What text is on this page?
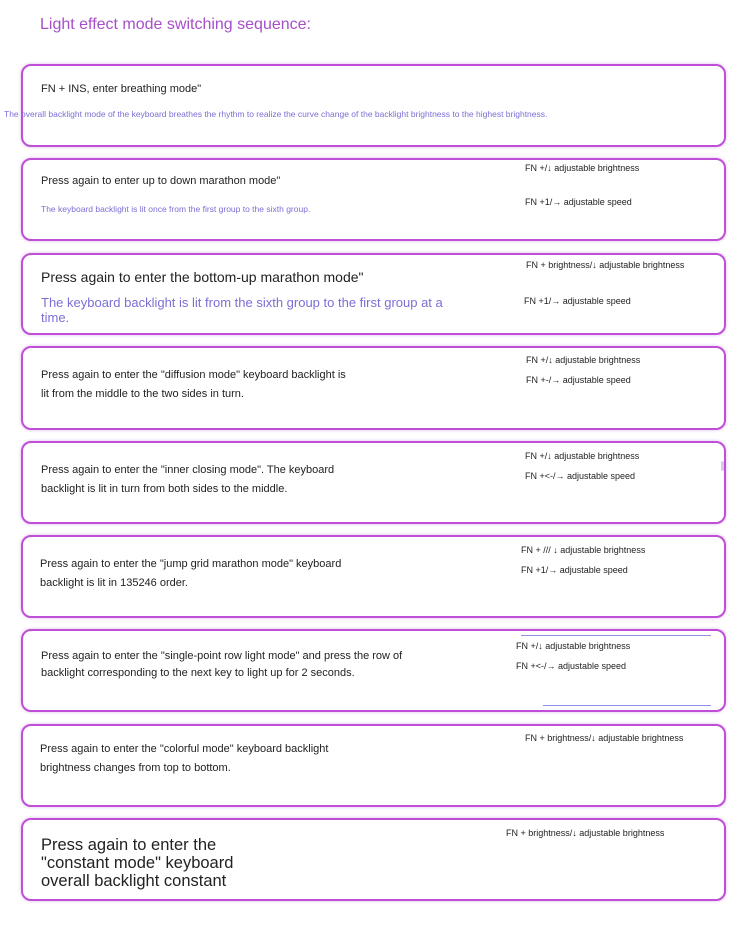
Light effect mode switching sequence:
FN + INS, enter breathing mode"
The overall backlight mode of the keyboard breathes the rhythm to realize the curve change of the backlight brightness to the highest brightness.
Press again to enter up to down marathon mode"
The keyboard backlight is lit once from the first group to the sixth group.
FN +/↓ adjustable brightness
FN +1/→ adjustable speed
Press again to enter the bottom-up marathon mode"
The keyboard backlight is lit from the sixth group to the first group at a time.
FN + brightness/↓ adjustable brightness
FN +1/→ adjustable speed
Press again to enter the "diffusion mode" keyboard backlight is lit from the middle to the two sides in turn.
FN +/↓ adjustable brightness
FN +-/→ adjustable speed
Press again to enter the "inner closing mode". The keyboard backlight is lit in turn from both sides to the middle.
FN +/↓ adjustable brightness
FN +<-/→ adjustable speed
Press again to enter the "jump grid marathon mode" keyboard backlight is lit in 135246 order.
FN + /// ↓ adjustable brightness
FN +1/→ adjustable speed
Press again to enter the "single-point row light mode" and press the row of backlight corresponding to the next key to light up for 2 seconds.
FN +/↓ adjustable brightness
FN +<-/→ adjustable speed
Press again to enter the "colorful mode" keyboard backlight brightness changes from top to bottom.
FN + brightness/↓ adjustable brightness
Press again to enter the "constant mode" keyboard overall backlight constant
FN + brightness/↓ adjustable brightness
